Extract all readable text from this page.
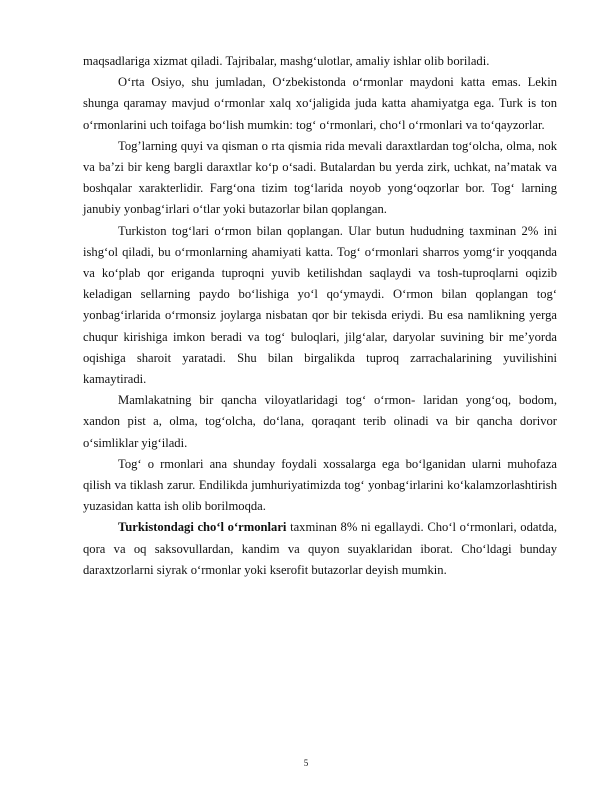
maqsadlariga xizmat qiladi. Tajribalar, mashg‘ulotlar, amaliy ishlar olib boriladi.

O‘rta Osiyo, shu jumladan, O‘zbekistonda o‘rmonlar maydoni katta emas. Lekin shunga qaramay mavjud o‘rmonlar xalq xo‘jaligida juda katta ahamiyatga ega. Turk is ton o‘rmonlarini uch toifaga bo‘lish mumkin: tog‘ o‘rmonlari, cho‘l o‘rmonlari va to‘qayzorlar.

Tog’larning quyi va qisman o rta qismia rida mevali daraxtlardan tog‘olcha, olma, nok va ba’zi bir keng bargli daraxtlar ko‘p o‘sadi. Butalardan bu yerda zirk, uchkat, na’matak va boshqalar xarakterlidir. Farg‘ona tizim tog‘larida noyob yong‘oqzorlar bor. Tog‘ larning janubiy yonbag‘irlari o‘tlar yoki butazorlar bilan qoplangan.

Turkiston tog‘lari o‘rmon bilan qoplangan. Ular butun hududning taxminan 2% ini ishg‘ol qiladi, bu o‘rmonlarning ahamiyati katta. Tog‘ o‘rmonlari sharros yomg‘ir yoqqanda va ko‘plab qor eriganda tuproqni yuvib ketilishdan saqlaydi va tosh-tuproqlarni oqizib keladigan sellarning paydo bo‘lishiga yo‘l qo‘ymaydi. O‘rmon bilan qoplangan tog‘ yonbag‘irlarida o‘rmonsiz joylarga nisbatan qor bir tekisda eriydi. Bu esa namlikning yerga chuqur kirishiga imkon beradi va tog‘ buloqlari, jilg‘alar, daryolar suvining bir me’yorda oqishiga sharoit yaratadi. Shu bilan birgalikda tuproq zarrachalarining yuvilishini kamaytiradi.

Mamlakatning bir qancha viloyatlaridagi tog‘ o‘rmon- laridan yong‘oq, bodom, xandon pist a, olma, tog‘olcha, do‘lana, qoraqant terib olinadi va bir qancha dorivor o‘simliklar yig‘iladi.

Tog‘ o rmonlari ana shunday foydali xossalarga ega bo‘lganidan ularni muhofaza qilish va tiklash zarur. Endilikda jumhuriyatimizda tog‘ yonbag‘irlarini ko‘kalamzorlashtirish yuzasidan katta ish olib borilmoqda.

Turkistondagi cho‘l o‘rmonlari taxminan 8% ni egallaydi. Cho‘l o‘rmonlari, odatda, qora va oq saksovullardan, kandim va quyon suyaklaridan iborat. Cho‘ldagi bunday daraxtzorlarni siyrak o‘rmonlar yoki kserofit butazorlar deyish mumkin.

5
